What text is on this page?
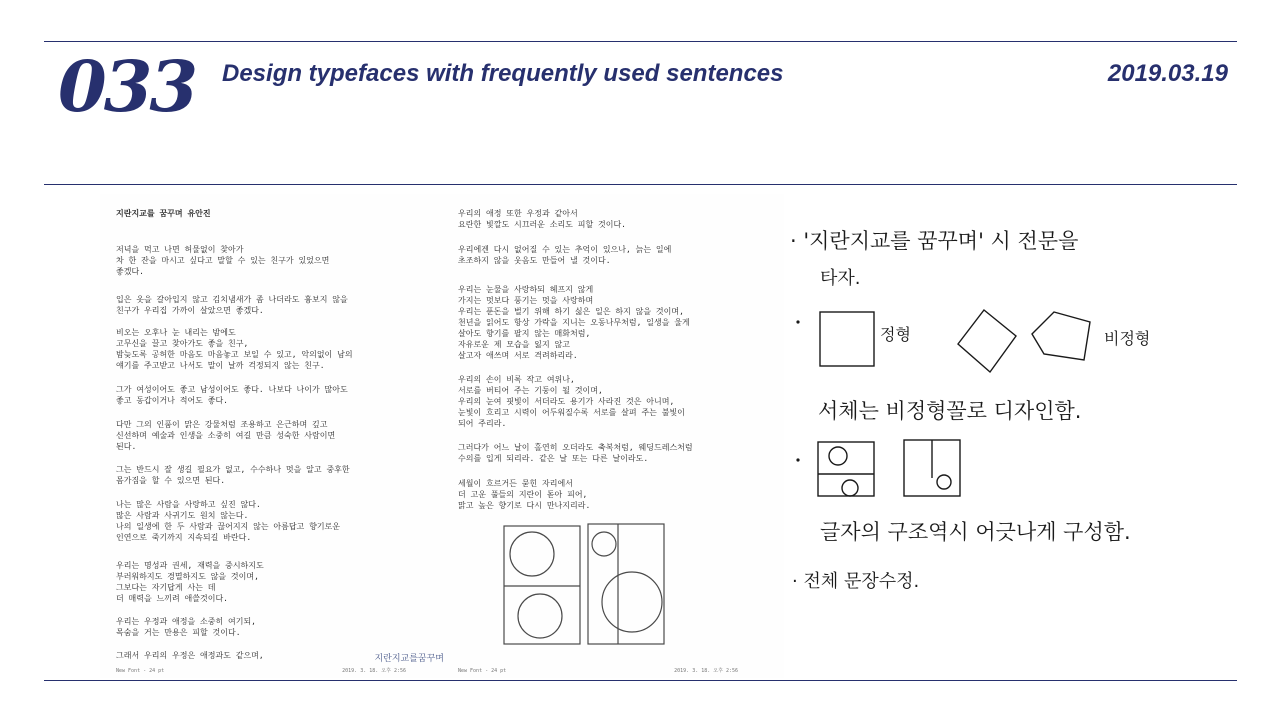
033 Design typefaces with frequently used sentences	2019.03.19
지란지교를 꿈꾸며 유안진
저녁을 먹고 나면 허물없이 찾아가
차 한 잔을 마시고 싶다고 말할 수 있는 친구가 있었으면
좋겠다.
입은 옷을 갈아입지 않고 김치냄새가 좀 나더라도 흉보지 않을
친구가 우리집 가까이 살았으면 좋겠다.
비오는 오후나 눈 내리는 밤에도
고무신을 끌고 찾아가도 좋을 친구,
밤늦도록 공허한 마음도 마음놓고 보일 수 있고, 악의없이 남의
얘기를 주고받고 나서도 말이 날까 걱정되지 않는 친구.
그가 여성이어도 좋고 남성이어도 좋다. 나보다 나이가 많아도
좋고 동갑이거나 적어도 좋다.
다만 그의 인품이 맑은 강물처럼 조용하고 은근하며 깊고
신선하며 예술과 인생을 소중히 여길 만큼 성숙한 사람이면
된다.
그는 반드시 잘 생길 필요가 없고, 수수하나 멋을 알고 중후한
몸가짐을 할 수 있으면 된다.
나는 많은 사람을 사랑하고 싶진 않다.
많은 사람과 사귀기도 원치 않는다.
나의 일생에 한 두 사람과 끊어지지 않는 아름답고 향기로운
인연으로 죽기까지 지속되길 바란다.
우리는 명성과 권세, 재력을 중시하지도
부러워하지도 경멸하지도 않을 것이며,
그보다는 자기답게 사는 데
더 매력을 느끼려 애쓸것이다.
우리는 우정과 애정을 소중히 여기되,
목숨을 거는 만용은 피할 것이다.
그래서 우리의 우정은 애정과도 같으며,
New Font - 24 pt	2019. 3. 18. 오후 2:56
지란지교를꿈꾸며
우리의 애정 또한 우정과 같아서
요란한 빛깔도 시끄러운 소리도 피할 것이다.
우리에겐 다시 없어질 수 있는 추억이 있으나, 늙는 일에
초조하지 않을 웃음도 만들어 낼 것이다.
우리는 눈물을 사랑하되 헤프지 않게
가지는 멋보다 풍기는 멋을 사랑하며
우리는 푼돈을 벌기 위해 하기 싫은 일은 하지 않을 것이며,
천년을 읽어도 항상 가락을 지니는 오동나무처럼, 일생을 울게
살아도 향기를 팔지 않는 매화처럼,
자유로운 제 모습을 잃지 않고
살고자 애쓰며 서로 격려하리라.
우리의 손이 비록 작고 여위나,
서로를 버티어 주는 기둥이 될 것이며,
우리의 눈여 핏빛이 서더라도 용기가 사라진 것은 아니며,
눈빛이 흐리고 시력이 어두워질수록 서로를 살펴 주는 불빛이
되어 주리라.
그러다가 어느 날이 홀연히 오더라도 축복처럼, 웨딩드레스처럼
수의를 입게 되리라. 같은 날 또는 다른 날이라도.
세월이 흐르거든 묻힌 자리에서
더 고운 풀들의 지란이 돋아 피어,
맑고 높은 향기로 다시 만나지리라.
New Font - 24 pt	2019. 3. 18. 오후 2:56
· '지란지교를 꿈꾸며' 시 전문을
타자.
정형	비정형
서체는 비정형꼴로 디자인함.
글자의 구조역시 어긋나게 구성함.
· 전체 문장수정.
